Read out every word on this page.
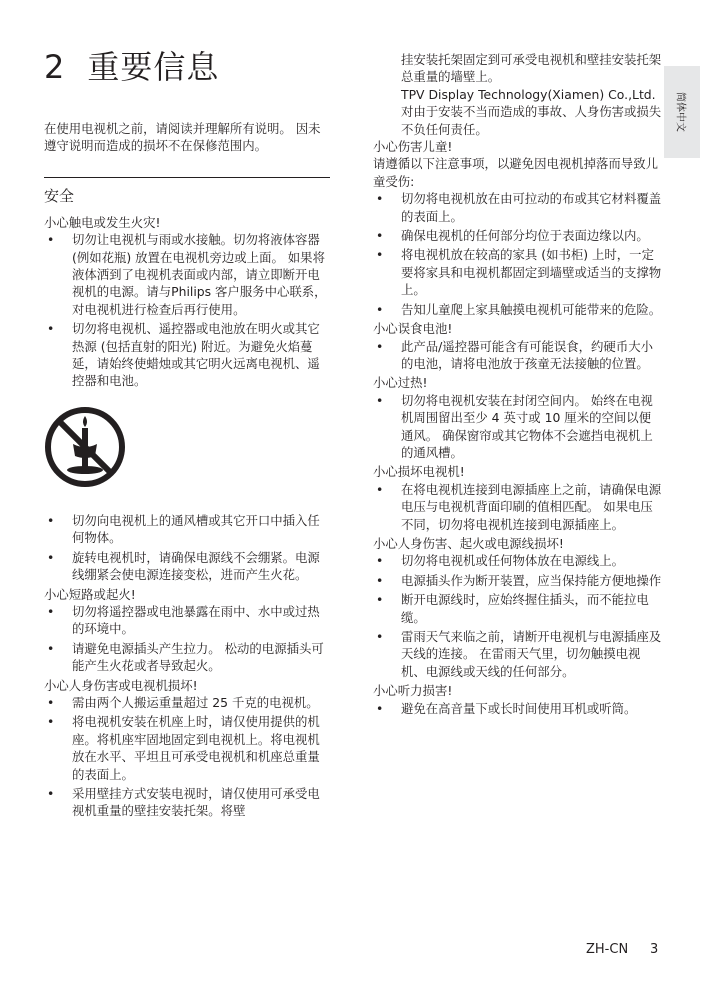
2 重要信息

在使用电视机之前，请阅读并理解所有说明。 因未遵守说明而造成的损坏不在保修范围内。

安全
小心触电或发生火灾!
• 切勿让电视机与雨或水接触。切勿将液体容器 (例如花瓶) 放置在电视机旁边或上面。 如果将液体洒到了电视机表面或内部，请立即断开电视机的电源。请与Philips 客户服务中心联系，对电视机进行检查后再行使用。
• 切勿将电视机、遥控器或电池放在明火或其它热源 (包括直射的阳光) 附近。为避免火焰蔓延，请始终使蜡烛或其它明火远离电视机、遥控器和电池。
• 切勿向电视机上的通风槽或其它开口中插入任何物体。
• 旋转电视机时，请确保电源线不会绷紧。电源线绷紧会使电源连接变松，进而产生火花。
小心短路或起火!
• 切勿将遥控器或电池暴露在雨中、水中或过热的环境中。
• 请避免电源插头产生拉力。 松动的电源插头可能产生火花或者导致起火。
小心人身伤害或电视机损坏!
• 需由两个人搬运重量超过 25 千克的电视机。
• 将电视机安装在机座上时，请仅使用提供的机座。将机座牢固地固定到电视机上。将电视机放在水平、平坦且可承受电视机和机座总重量的表面上。
• 采用壁挂方式安装电视时，请仅使用可承受电视机重量的壁挂安装托架。将壁
挂安装托架固定到可承受电视机和壁挂安装托架总重量的墙壁上。
TPV Display Technology(Xiamen) Co.,Ltd. 对由于安装不当而造成的事故、人身伤害或损失不负任何责任。
小心伤害儿童!
请遵循以下注意事项，以避免因电视机掉落而导致儿童受伤:
• 切勿将电视机放在由可拉动的布或其它材料覆盖的表面上。
• 确保电视机的任何部分均位于表面边缘以内。
• 将电视机放在较高的家具 (如书柜) 上时，一定要将家具和电视机都固定到墙壁或适当的支撑物上。
• 告知儿童爬上家具触摸电视机可能带来的危险。
小心误食电池!
• 此产品/遥控器可能含有可能误食，约硬币大小的电池，请将电池放于孩童无法接触的位置。
小心过热!
• 切勿将电视机安装在封闭空间内。 始终在电视机周围留出至少 4 英寸或 10 厘米的空间以便通风。 确保窗帘或其它物体不会遮挡电视机上的通风槽。
小心损坏电视机!
• 在将电视机连接到电源插座上之前，请确保电源电压与电视机背面印刷的值相匹配。 如果电压不同，切勿将电视机连接到电源插座上。
小心人身伤害、起火或电源线损坏!
• 切勿将电视机或任何物体放在电源线上。
• 电源插头作为断开装置，应当保持能方便地操作
• 断开电源线时，应始终握住插头，而不能拉电缆。
• 雷雨天气来临之前，请断开电视机与电源插座及天线的连接。 在雷雨天气里，切勿触摸电视机、电源线或天线的任何部分。
小心听力损害!
• 避免在高音量下或长时间使用耳机或听筒。
简体中文
ZH-CN 3
